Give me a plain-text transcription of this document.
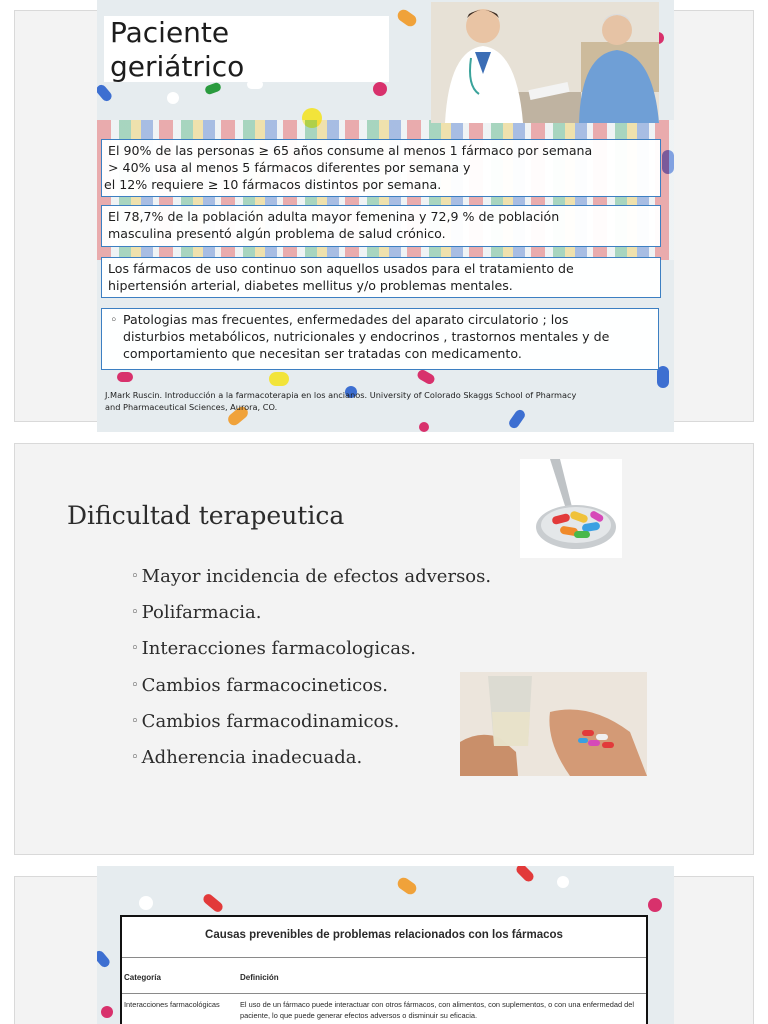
Paciente
geriátrico
El 90% de las personas ≥ 65 años consume al menos 1 fármaco por semana
> 40% usa al menos 5 fármacos diferentes por semana y
el 12% requiere ≥ 10 fármacos distintos por semana.
El 78,7% de la población adulta mayor femenina y 72,9 % de población
masculina presentó algún problema de salud crónico.
Los fármacos de uso continuo son aquellos usados para el tratamiento de
hipertensión arterial, diabetes mellitus y/o problemas mentales.
◦ Patologias mas frecuentes, enfermedades del aparato circulatorio ; los
disturbios metabólicos, nutricionales y endocrinos , trastornos mentales y de
comportamiento que necesitan ser tratadas con medicamento.
J.Mark Ruscin. Introducción a la farmacoterapia en los ancianos. University of Colorado Skaggs School of Pharmacy
and Pharmaceutical Sciences, Aurora, CO.
Dificultad terapeutica
◦ Mayor incidencia de efectos adversos.
◦ Polifarmacia.
◦ Interacciones farmacologicas.
◦ Cambios farmacocineticos.
◦ Cambios farmacodinamicos.
◦ Adherencia inadecuada.
Causas prevenibles de problemas relacionados con los fármacos
Categoría	Definición
Interacciones farmacológicas	El uso de un fármaco puede interactuar con otros fármacos, con alimentos, con suplementos, o con una enfermedad del
paciente, lo que puede generar efectos adversos o disminuir su eficacia.
